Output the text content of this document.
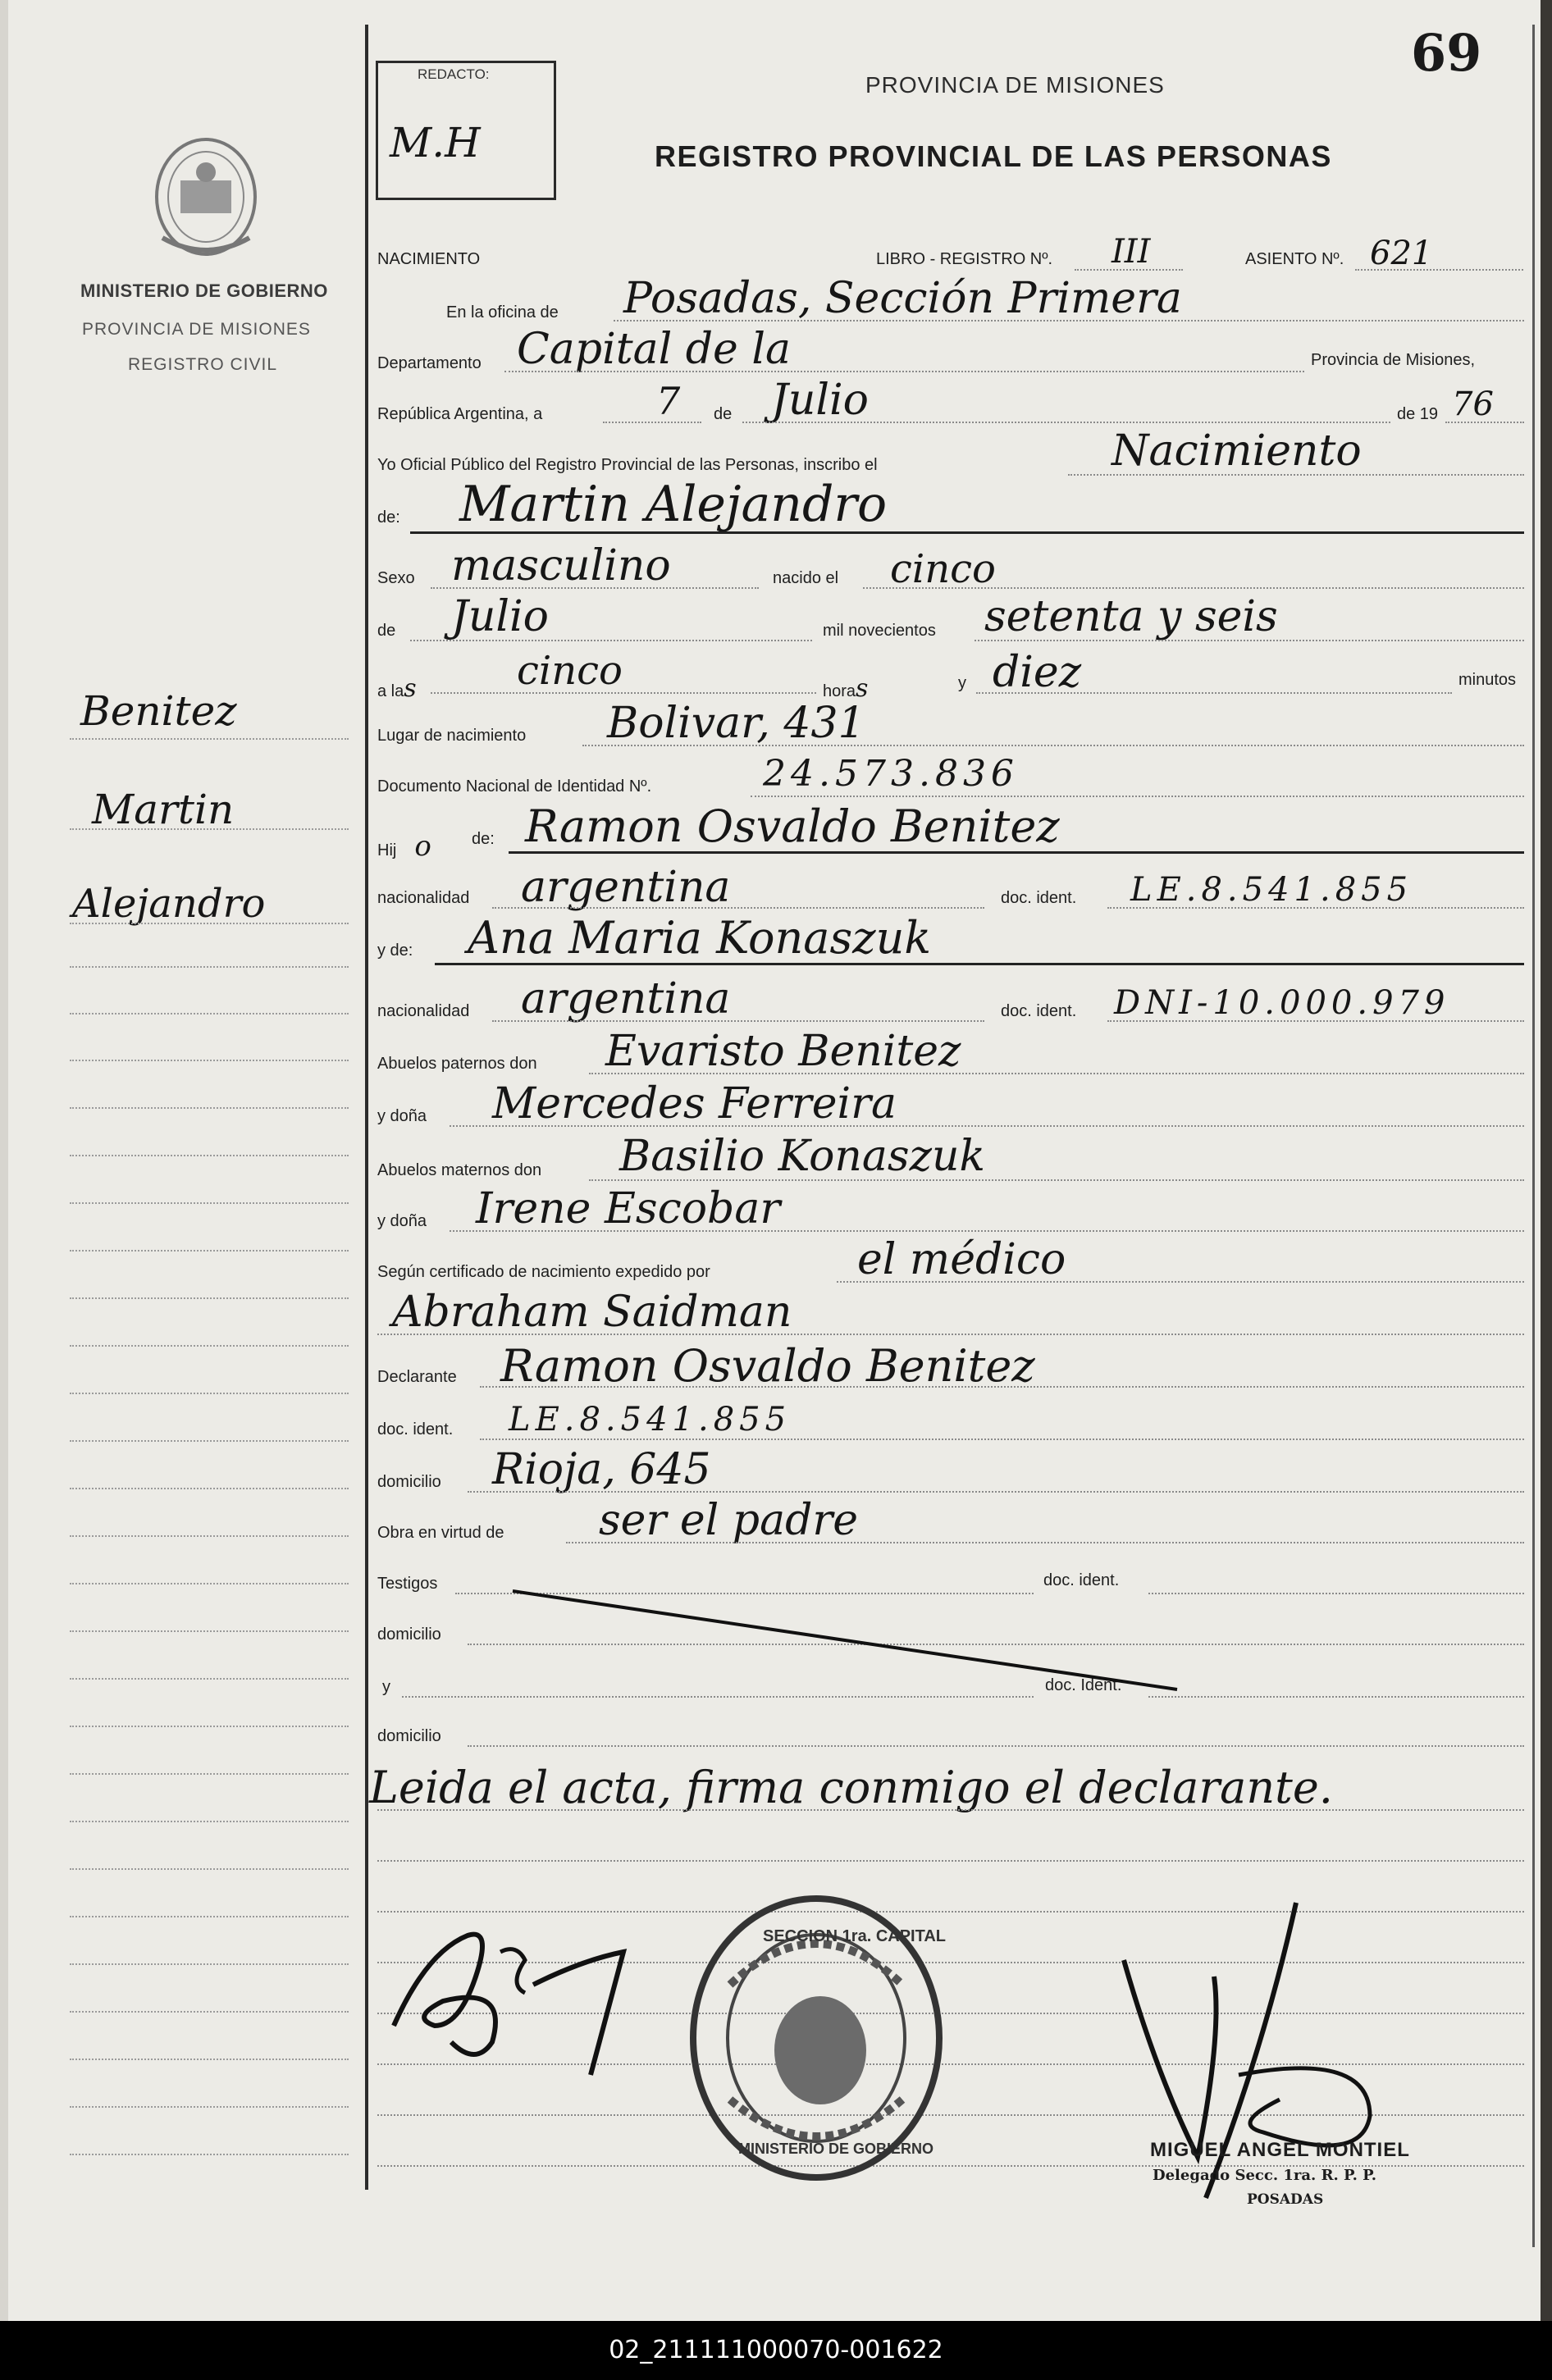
MINISTERIO DE GOBIERNO
PROVINCIA DE MISIONES
REGISTRO CIVIL
Benitez
Martin
Alejandro
69
REDACTO:
M.H
PROVINCIA DE MISIONES
REGISTRO PROVINCIAL DE LAS PERSONAS
NACIMIENTO	LIBRO - REGISTRO Nº. III	ASIENTO Nº. 621
En la oficina de Posadas, Sección Primera
Departamento Capital de la	Provincia de Misiones,
República Argentina, a	7 de Julio	de 19 76
Yo Oficial Público del Registro Provincial de las Personas, inscribo el	Nacimiento
de: Martin Alejandro
Sexo masculino	nacido el cinco
de Julio	mil novecientos setenta y seis
a las	cinco	horas	y diez	minutos
Lugar de nacimiento Bolivar, 431
Documento Nacional de Identidad Nº.	24.573.836
Hij o de: Ramon Osvaldo Benitez
nacionalidad argentina	doc. ident. LE.8.541.855
y de: Ana Maria Konaszuk
nacionalidad argentina	doc. ident. DNI-10.000.979
Abuelos paternos don Evaristo Benitez
y doña Mercedes Ferreira
Abuelos maternos don Basilio Konaszuk
y doña Irene Escobar
Según certificado de nacimiento expedido por	el médico
Abraham Saidman
Declarante Ramon Osvaldo Benitez
doc. ident. LE.8.541.855
domicilio Rioja, 645
Obra en virtud de ser el padre
Testigos	doc. ident.
domicilio
y	doc. Ident.
domicilio
Leida el acta, firma conmigo el declarante.
SECCION 1ra. CAPITAL
MINISTERIO DE GOBIERNO	MIGUEL ANGEL MONTIEL
Delegado Secc. 1ra. R. P. P.
POSADAS
02_211111000070-001622
